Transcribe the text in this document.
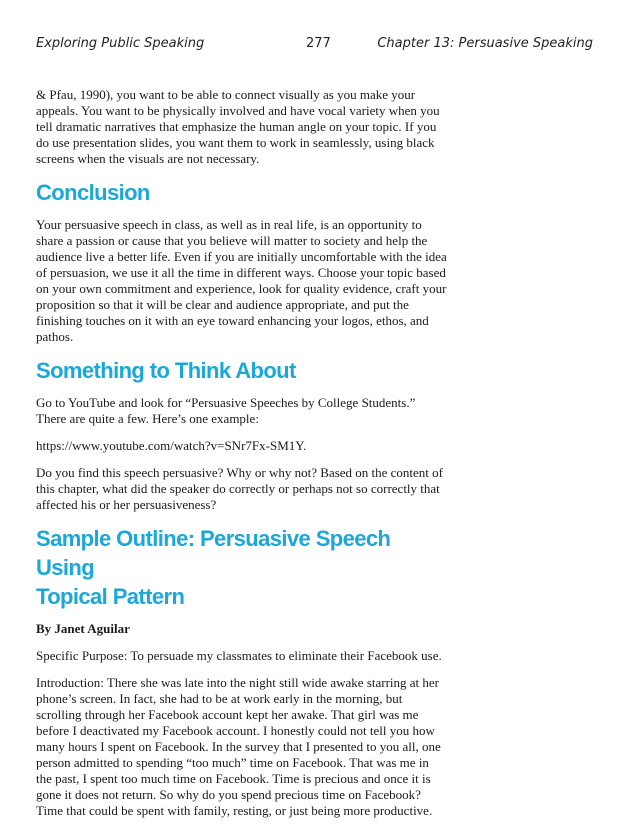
Exploring Public Speaking	277	Chapter 13: Persuasive Speaking

& Pfau, 1990), you want to be able to connect visually as you make your appeals. You want to be physically involved and have vocal variety when you tell dramatic narratives that emphasize the human angle on your topic. If you do use presentation slides, you want them to work in seamlessly, using black screens when the visuals are not necessary.

Conclusion

Your persuasive speech in class, as well as in real life, is an opportunity to share a passion or cause that you believe will matter to society and help the audience live a better life. Even if you are initially uncomfortable with the idea of persuasion, we use it all the time in different ways. Choose your topic based on your own commitment and experience, look for quality evidence, craft your proposition so that it will be clear and audience appropriate, and put the finishing touches on it with an eye toward enhancing your logos, ethos, and pathos.

Something to Think About

Go to YouTube and look for “Persuasive Speeches by College Students.” There are quite a few. Here’s one example:

https://www.youtube.com/watch?v=SNr7Fx-SM1Y.

Do you find this speech persuasive? Why or why not? Based on the content of this chapter, what did the speaker do correctly or perhaps not so correctly that affected his or her persuasiveness?

Sample Outline: Persuasive Speech Using
Topical Pattern

By Janet Aguilar

Specific Purpose: To persuade my classmates to eliminate their Facebook use.

Introduction: There she was late into the night still wide awake starring at her phone’s screen. In fact, she had to be at work early in the morning, but scrolling through her Facebook account kept her awake. That girl was me before I deactivated my Facebook account. I honestly could not tell you how many hours I spent on Facebook. In the survey that I presented to you all, one person admitted to spending “too much” time on Facebook. That was me in the past, I spent too much time on Facebook. Time is precious and once it is gone it does not return. So why do you spend precious time on Facebook? Time that could be spent with family, resting, or just being more productive.
